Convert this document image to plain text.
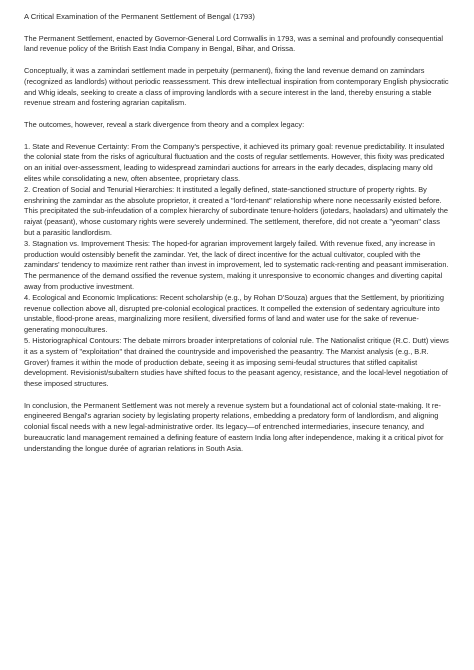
A Critical Examination of the Permanent Settlement of Bengal (1793)

The Permanent Settlement, enacted by Governor-General Lord Cornwallis in 1793, was a seminal and profoundly consequential land revenue policy of the British East India Company in Bengal, Bihar, and Orissa.

Conceptually, it was a zamindari settlement made in perpetuity (permanent), fixing the land revenue demand on zamindars (recognized as landlords) without periodic reassessment. This drew intellectual inspiration from contemporary English physiocratic and Whig ideals, seeking to create a class of improving landlords with a secure interest in the land, thereby ensuring a stable revenue stream and fostering agrarian capitalism.

The outcomes, however, reveal a stark divergence from theory and a complex legacy:

1. State and Revenue Certainty: From the Company's perspective, it achieved its primary goal: revenue predictability. It insulated the colonial state from the risks of agricultural fluctuation and the costs of regular settlements. However, this fixity was predicated on an initial over-assessment, leading to widespread zamindari auctions for arrears in the early decades, displacing many old elites while consolidating a new, often absentee, proprietary class.
2. Creation of Social and Tenurial Hierarchies: It instituted a legally defined, state-sanctioned structure of property rights. By enshrining the zamindar as the absolute proprietor, it created a "lord-tenant" relationship where none necessarily existed before. This precipitated the sub-infeudation of a complex hierarchy of subordinate tenure-holders (jotedars, haoladars) and ultimately the raiyat (peasant), whose customary rights were severely undermined. The settlement, therefore, did not create a "yeoman" class but a parasitic landlordism.
3. Stagnation vs. Improvement Thesis: The hoped-for agrarian improvement largely failed. With revenue fixed, any increase in production would ostensibly benefit the zamindar. Yet, the lack of direct incentive for the actual cultivator, coupled with the zamindars' tendency to maximize rent rather than invest in improvement, led to systematic rack-renting and peasant immiseration. The permanence of the demand ossified the revenue system, making it unresponsive to economic changes and diverting capital away from productive investment.
4. Ecological and Economic Implications: Recent scholarship (e.g., by Rohan D'Souza) argues that the Settlement, by prioritizing revenue collection above all, disrupted pre-colonial ecological practices. It compelled the extension of sedentary agriculture into unstable, flood-prone areas, marginalizing more resilient, diversified forms of land and water use for the sake of revenue-generating monocultures.
5. Historiographical Contours: The debate mirrors broader interpretations of colonial rule. The Nationalist critique (R.C. Dutt) views it as a system of "exploitation" that drained the countryside and impoverished the peasantry. The Marxist analysis (e.g., B.R. Grover) frames it within the mode of production debate, seeing it as imposing semi-feudal structures that stifled capitalist development. Revisionist/subaltern studies have shifted focus to the peasant agency, resistance, and the local-level negotiation of these imposed structures.

In conclusion, the Permanent Settlement was not merely a revenue system but a foundational act of colonial state-making. It re-engineered Bengal's agrarian society by legislating property relations, embedding a predatory form of landlordism, and aligning colonial fiscal needs with a new legal-administrative order. Its legacy—of entrenched intermediaries, insecure tenancy, and bureaucratic land management remained a defining feature of eastern India long after independence, making it a critical pivot for understanding the longue durée of agrarian relations in South Asia.
